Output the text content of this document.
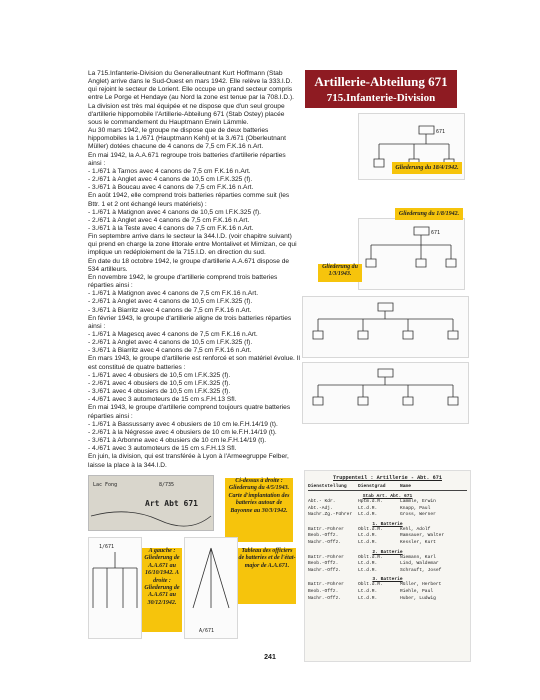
Artillerie-Abteilung 671
715.Infanterie-Division

La 715.Infanterie-Division du Generalleutnant Kurt Hoffmann (Stab Anglet) arrive dans le Sud-Ouest en mars 1942. Elle relève la 333.I.D. qui rejoint le secteur de Lorient. Elle occupe un grand secteur compris entre Le Porge et Hendaye (au Nord la zone est tenue par la 708.I.D.). La division est très mal équipée et ne dispose que d'un seul groupe d'artillerie hippomobile l'Artillerie-Abteilung 671 (Stab Ostey) placée sous le commandement du Hauptmann Erwin Lämmle.

Au 30 mars 1942, le groupe ne dispose que de deux batteries hippomobiles la 1./671 (Hauptmann Kehl) et la 3./671 (Oberleutnant Müller) dotées chacune de 4 canons de 7,5 cm F.K.16 n.Art.

En mai 1942, la A.A.671 regroupe trois batteries d'artillerie réparties ainsi :

- 1./671 à Tarnos avec 4 canons de 7,5 cm F.K.16 n.Art.

- 2./671 à Anglet avec 4 canons de 10,5 cm l.F.K.325 (f).

- 3./671 à Boucau avec 4 canons de 7,5 cm F.K.16 n.Art.

En août 1942, elle comprend trois batteries réparties comme suit (les Bttr. 1 et 2 ont échangé leurs matériels) :

- 1./671 à Matignon avec 4 canons de 10,5 cm l.F.K.325 (f).

- 2./671 à Anglet avec 4 canons de 7,5 cm F.K.16 n.Art.

- 3./671 à la Teste avec 4 canons de 7,5 cm F.K.16 n.Art.

Fin septembre arrive dans le secteur la 344.I.D. (voir chapitre suivant) qui prend en charge la zone littorale entre Montalivet et Mimizan, ce qui implique un redéploiement de la 715.I.D. en direction du sud.

En date du 18 octobre 1942, le groupe d'artillerie A.A.671 dispose de 534 artilleurs.

En novembre 1942, le groupe d'artillerie comprend trois batteries réparties ainsi :

- 1./671 à Matignon avec 4 canons de 7,5 cm F.K.16 n.Art.

- 2./671 à Anglet avec 4 canons de 10,5 cm l.F.K.325 (f).

- 3./671 à Biarritz avec 4 canons de 7,5 cm F.K.16 n.Art.

En février 1943, le groupe d'artillerie aligne de trois batteries réparties ainsi :

- 1./671 à Magescq avec 4 canons de 7,5 cm F.K.16 n.Art.

- 2./671 à Anglet avec 4 canons de 10,5 cm l.F.K.325 (f).

- 3./671 à Biarritz avec 4 canons de 7,5 cm F.K.16 n.Art.

En mars 1943, le groupe d'artillerie est renforcé et son matériel évolue. Il est constitué de quatre batteries :

- 1./671 avec 4 obusiers de 10,5 cm l.F.K.325 (f).

- 2./671 avec 4 obusiers de 10,5 cm l.F.K.325 (f).

- 3./671 avec 4 obusiers de 10,5 cm l.F.K.325 (f).

- 4./671 avec 3 automoteurs de 15 cm s.F.H.13 Sfl.

En mai 1943, le groupe d'artillerie comprend toujours quatre batteries réparties ainsi :

- 1./671 à Bassussarry avec 4 obusiers de 10 cm le.F.H.14/19 (t).

- 2./671 à la Négresse avec 4 obusiers de 10 cm le.F.H.14/19 (t).

- 3./671 à Arbonne avec 4 obusiers de 10 cm le.F.H.14/19 (t).

- 4./671 avec 3 automoteurs de 15 cm s.F.H.13 Sfl.

En juin, la division, qui est transférée à Lyon à l'Armeegruppe Felber, laisse la place à la 344.I.D.

671
Gliederung du 18/4/1942.
671
Gliederung du 1/8/1942.
Gliederung du 1/3/1943.
Lac Fong	8/735
Art Abt 671
Ci-dessus à droite : Gliederung du 4/5/1943. Carte d'implantation des batteries autour de Bayonne au 30/3/1942.
1/671
A gauche : Gliederung de A.A.671 au 16/10/1942. A droite : Gliederung de A.A.671 au 30/12/1942.
A/671
Tableau des officiers de batteries et de l'état-major de A.A.671.
Truppenteil : Artillerie - Abt. 671
Dienststellung	Dienstgrad	Name
Stab Art. Abt. 671
Abt.- Kdr.	Hptm.d.R.	Lämmle, Erwin
Abt.-Adj.	Lt.d.R.	Knapp, Paul
Nachr.Zg.-Führer	Lt.d.R.	Gross, Werner
1. Batterie
Battr.-Führer	Oblt.d.R.	Kehl, Adolf
Beob.-Offz.	Lt.d.R.	Ramsauer, Walter
Nachr.-Offz.	Lt.d.R.	Kessler, Kurt
2. Batterie
Battr.-Führer	Oblt.d.R.	Niemann, Karl
Beob.-Offz.	Lt.d.R.	Lind, Waldemar
Nachr.-Offz.	Lt.d.R.	Schrauft, Josef
3. Batterie
Battr.-Führer	Oblt.d.R.	Müller, Herbert
Beob.-Offz.	Lt.d.R.	Riehle, Paul
Nachr.-Offz.	Lt.d.R.	Huber, Ludwig
241
